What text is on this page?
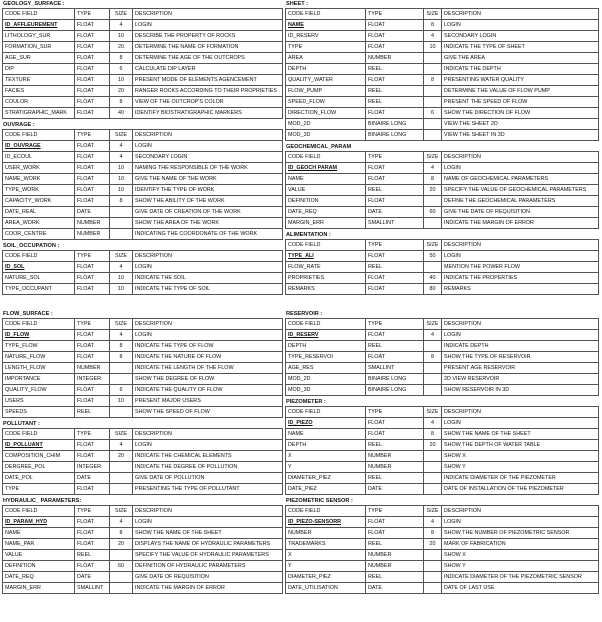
GEOLOGY_SURFACE :
CODE FIELD	TYPE	SIZE	DESCRIPTION
ID_AFFLEUREMENT	FLOAT	4	LOGIN
LITHOLOGY_SUR	FLOAT	10	DESCRIBE THE PROPERTY OF ROCKS
FORMATION_SUR	FLOAT	20	DETERMINE THE NAME OF FORMATION
AGE_SUR	FLOAT	8	DETERMINE THE AGE OF THE OUTCROPS
DIP	FLOAT	6	CALCULATE DIP LAYER
TEXTURE	FLOAT	10	PRESENT MODE OF ELEMENTS AGENCEMENT
FACIES	FLOAT	20	RANGER ROCKS ACCORDING TO THEIR PROPRIETIES
COULOR	FLOAT	8	VIEW OF THE OUTCROP'S COLOR
STRATIGRAPHIC_MARK	FLOAT	40	IDENTIFY BIOSTRATIGRAPHIC MARKERS
OUVRAGE :
CODE FIELD	TYPE	SIZE	DESCRIPTION
ID_OUVRAGE	FLOAT	4	LOGIN
ID_ECOUL	FLOAT	4	SECONDARY LOGIN
USER_WORK	FLOAT	10	NAMING THE RESPONSIBLE OF THE WORK
NAME_WORK	FLOAT	10	GIVE THE NAME OF THE WORK
TYPE_WORK	FLOAT	10	IDENTIFY THE TYPE OF WORK
CAPACITY_WORK	FLOAT	8	SHOW THE ABILITY OF THE WORK
DATE_REAL	DATE		GIVE DATE OF CREATION OF THE WORK
AREA_WORK	NUMBER		SHOW THE AREA OF THE WORK
COOR_CENTRE	NUMBER		INDICATING THE COORDONATE OF THE WORK
SOIL_OCCUPATION :
CODE FIELD	TYPE	SIZE	DESCRIPTION
ID_SOL	FLOAT	4	LOGIN
NATURE_SOL	FLOAT	10	INDICATE THE SOIL
TYPE_OCCUPANT	FLOAT	10	INDICATE THE TYPE OF SOIL
FLOW_SURFACE :
CODE FIELD	TYPE	SIZE	DESCRIPTION
ID_FLOW	FLOAT	4	LOGIN
TYPE_FLOW	FLOAT	8	INDICATE THE TYPE OF FLOW
NATURE_FLOW	FLOAT	8	INDICATE THE NATURE OF FLOW
LENGTH_FLOW	NUMBER		INDICATE THE LENGTH OF THE FLOW
IMPORTANCE	INTEGER		SHOW THE DEGREE OF FLOW
QUALITY_FLOW	FLOAT	6	INDICATE THE QUALITY OF FLOW
USERS	FLOAT	10	PRESENT MAJOR USERS
SPEEDS	REEL		SHOW THE SPEED OF FLOW
POLLUTANT :
CODE FIELD	TYPE	SIZE	DESCRIPTION
ID_POLLUANT	FLOAT	4	LOGIN
COMPOSITION_CHIM	FLOAT	20	INDICATE THE CHEMICAL ELEMENTS
DERGREE_POL	INTEGER		INDICATE THE DEGREE OF POLLUTION
DATE_POL	DATE		GIVE DATE OF POLLUTION
TYPE	FLOAT		PRESENTING THE TYPE OF POLLUTANT
HYDRAULIC_ PARAMETERS:
CODE FIELD	TYPE	SIZE	DESCRIPTION
ID_PARAM_HYD	FLOAT	4	LOGIN
NAME	FLOAT	8	SHOW THE NAME OF THE SHEET
NAME_PAR	FLOAT	20	DISPLAYS THE NAME OF HYDRAULIC PARAMETERS
VALUE	REEL		SPECIFY THE VALUE OF HYDRAULIC PARAMETERS
DEFINITION	FLOAT	60	DEFINITION OF HYDRAULIC PARAMETERS
DATE_REQ	DATE		GIVE DATE OF REQUISITION
MARGIN_ERR	SMALLINT		INDICATE THE MARGIN OF ERROR
SHEET :
CODE FIELD	TYPE	SIZE	DESCRIPTION
NAME	FLOAT	8	LOGIN
ID_RESERV	FLOAT	4	SECONDARY LOGIN
TYPE	FLOAT	10	INDICATE THE TYPE OF SHEET
AREA	NUMBER		GIVE THE AREA
DEPTH	REEL		INDICATE THE DEPTH
QUALITY_WATER	FLOAT	8	PRESENTING WATER QUALITY
FLOW_PUMP	REEL		DETERMINE THE VALUE OF FLOW PUMP
SPEED_FLOW	REEL		PRESENT THE SPEED OF FLOW
DIRECTION_FLOW	FLOAT	6	SHOW THE DIRECTION OF FLOW
MOD_2D	BINAIRE LONG		VIEW THE SHEET 2D
MOD_3D	BINAIRE LONG		VIEW THE SHEET IN 3D
GEOCHEMICAL_PARAM
CODE FIELD	TYPE	SIZE	DESCRIPTION
ID_GEOCH PARAM	FLOAT	4	LOGIN
NAME	FLOAT	8	NAME OF GEOCHEMICAL PARAMETERS
VALUE	REEL	20	SPECIFY THE VALUE OF GEOCHEMICAL PARAMETERS
DEFINITION	FLOAT		DEFINE THE GEOCHEMICAL PARAMETERS
DATE_REQ	DATE	60	GIVE THE DATE OF REQUISITION
MARGIN_ERR	SMALLINT		INDICATE THE MARGIN OF ERROR
ALIMENTATION :
CODE FIELD	TYPE	SIZE	DESCRIPTION
TYPE_ALI	FLOAT	50	LOGIN
FLOW_RATE	REEL		MENTION THE POWER FLOW
PROPRIETIES	FLOAT	40	INDICATE THE PROPERTIES
REMARKS	FLOAT	80	REMARKS
RESERVOIR :
CODE FIELD	TYPE	SIZE	DESCRIPTION
ID_RESERV	FLOAT	4	LOGIN
DEPTH	REEL		INDICATE DEPTH
TYPE_RESERVOI	FLOAT	8	SHOW THE TYPE OF RESERVOIR
AGE_RES	SMALLINT		PRESENT AGE RESERVOIR
MOD_2D	BINAIRE LONG		2D VIEW RESERVOIR
MOD_3D	BINAIRE LONG		SHOW RESERVOIR IN 3D
PIEZOMETER :
CODE FIELD	TYPE	SIZE	DESCRIPTION
ID_PIEZO	FLOAT	4	LOGIN
NAME	FLOAT	8	SHOW THE NAME OF THE SHEET
DEPTH	REEL	20	SHOW THE DEPTH OF WATER TABLE
X	NUMBER		SHOW X
Y	NUMBER		SHOW Y
DIAMETER_PIEZ	REEL		INDICATE DIAMETER OF THE PIEZOMETER
DATE_PIEZ	DATE		DATE OF INSTALLATION OF THE PIEZOMETER
PIEZOMETRIC SENSOR :
CODE FIELD	TYPE	SIZE	DESCRIPTION
ID_PIEZO-SENSORR	FLOAT	4	LOGIN
NUMBER	FLOAT	8	SHOW THE NUMBER OF PIEZOMETRIC SENSOR
TRADEMARKS	REEL	20	MARK OF FABRICATION
X	NUMBER		SHOW X
Y	NUMBER		SHOW Y
DIAMETER_PIEZ	REEL		INDICATE DIAMETER OF THE PIEZOMETRIC SENSOR
DATE_UTILISATION	DATE		DATE OF LAST USE
